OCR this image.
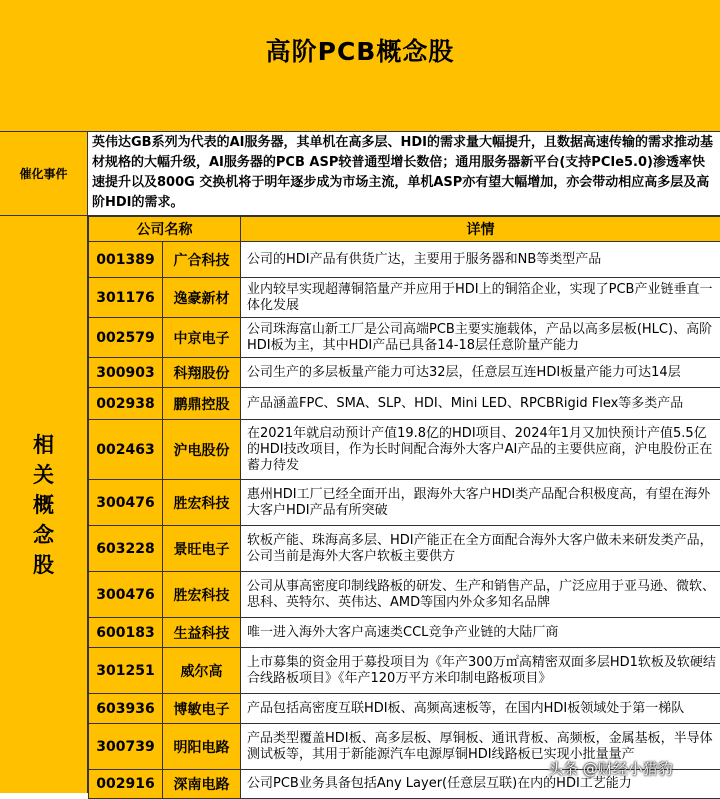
高阶PCB概念股
催化事件
英伟达GB系列为代表的AI服务器，其单机在高多层、HDI的需求量大幅提升，且数据高速传输的需求推动基材规格的大幅升级，AI服务器的PCB ASP较普通型增长数倍；通用服务器新平台(支持PCIe5.0)渗透率快速提升以及800G 交换机将于明年逐步成为市场主流，单机ASP亦有望大幅增加，亦会带动相应高多层及高阶HDI的需求。
相关概念股
公司名称		详情
001389	广合科技	公司的HDI产品有供货广达，主要用于服务器和NB等类型产品
301176	逸豪新材	业内较早实现超薄铜箔量产并应用于HDI上的铜箔企业，实现了PCB产业链垂直一体化发展
002579	中京电子	公司珠海富山新工厂是公司高端PCB主要实施载体，产品以高多层板(HLC)、高阶HDI板为主，其中HDI产品已具备14-18层任意阶量产能力
300903	科翔股份	公司生产的多层板量产能力可达32层，任意层互连HDI板量产能力可达14层
002938	鹏鼎控股	产品涵盖FPC、SMA、SLP、HDI、Mini LED、RPCBRigid Flex等多类产品
002463	沪电股份	在2021年就启动预计产值19.8亿的HDI项目、2024年1月又加快预计产值5.5亿的HDI技改项目，作为长时间配合海外大客户AI产品的主要供应商，沪电股份正在蓄力待发
300476	胜宏科技	惠州HDI工厂已经全面开出，跟海外大客户HDI类产品配合积极度高，有望在海外大客户HDI产品有所突破
603228	景旺电子	软板产能、珠海高多层、HDI产能正在全方面配合海外大客户做未来研发类产品，公司当前是海外大客户软板主要供方
300476	胜宏科技	公司从事高密度印制线路板的研发、生产和销售产品，广泛应用于亚马逊、微软、思科、英特尔、英伟达、AMD等国内外众多知名品牌
600183	生益科技	唯一进入海外大客户高速类CCL竞争产业链的大陆厂商
301251	威尔高	上市募集的资金用于募投项目为《年产300万㎡高精密双面多层HD1软板及软硬结合线路板项目》《年产120万平方米印制电路板项目》
603936	博敏电子	产品包括高密度互联HDI板、高频高速板等，在国内HDI板领域处于第一梯队
300739	明阳电路	产品类型覆盖HDI板、高多层板、厚铜板、通讯背板、高频板，金属基板，半导体测试板等，其用于新能源汽车电源厚铜HDI线路板已实现小批量量产
002916	深南电路	公司PCB业务具备包括Any Layer(任意层互联)在内的HDI工艺能力
头条 @财经小猎豹
